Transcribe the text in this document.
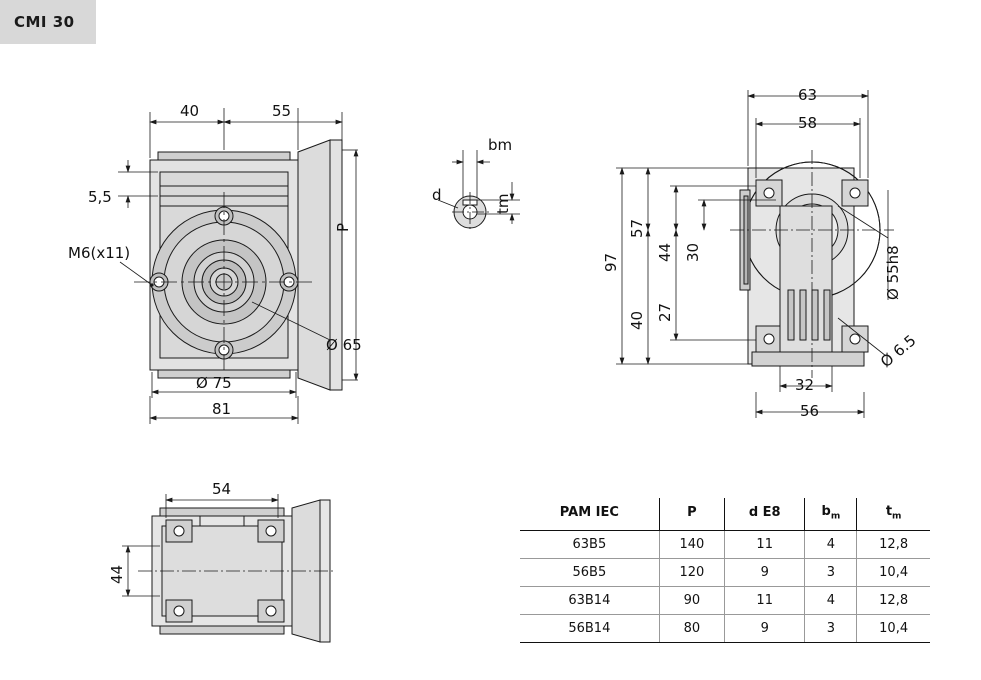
CMI 30
40	55
5,5
P
M6(x11)
Ø 65
Ø 75
81
bm
tm
d
97
57
40
44
27
30
63
58
32
56
Ø 55h8
Ø 6.5
54
44
PAM IEC	P	d E8	$b_m$	$t_m$
63B5	140	11	4	12,8
56B5	120	9	3	10,4
63B14	90	11	4	12,8
56B14	80	9	3	10,4
